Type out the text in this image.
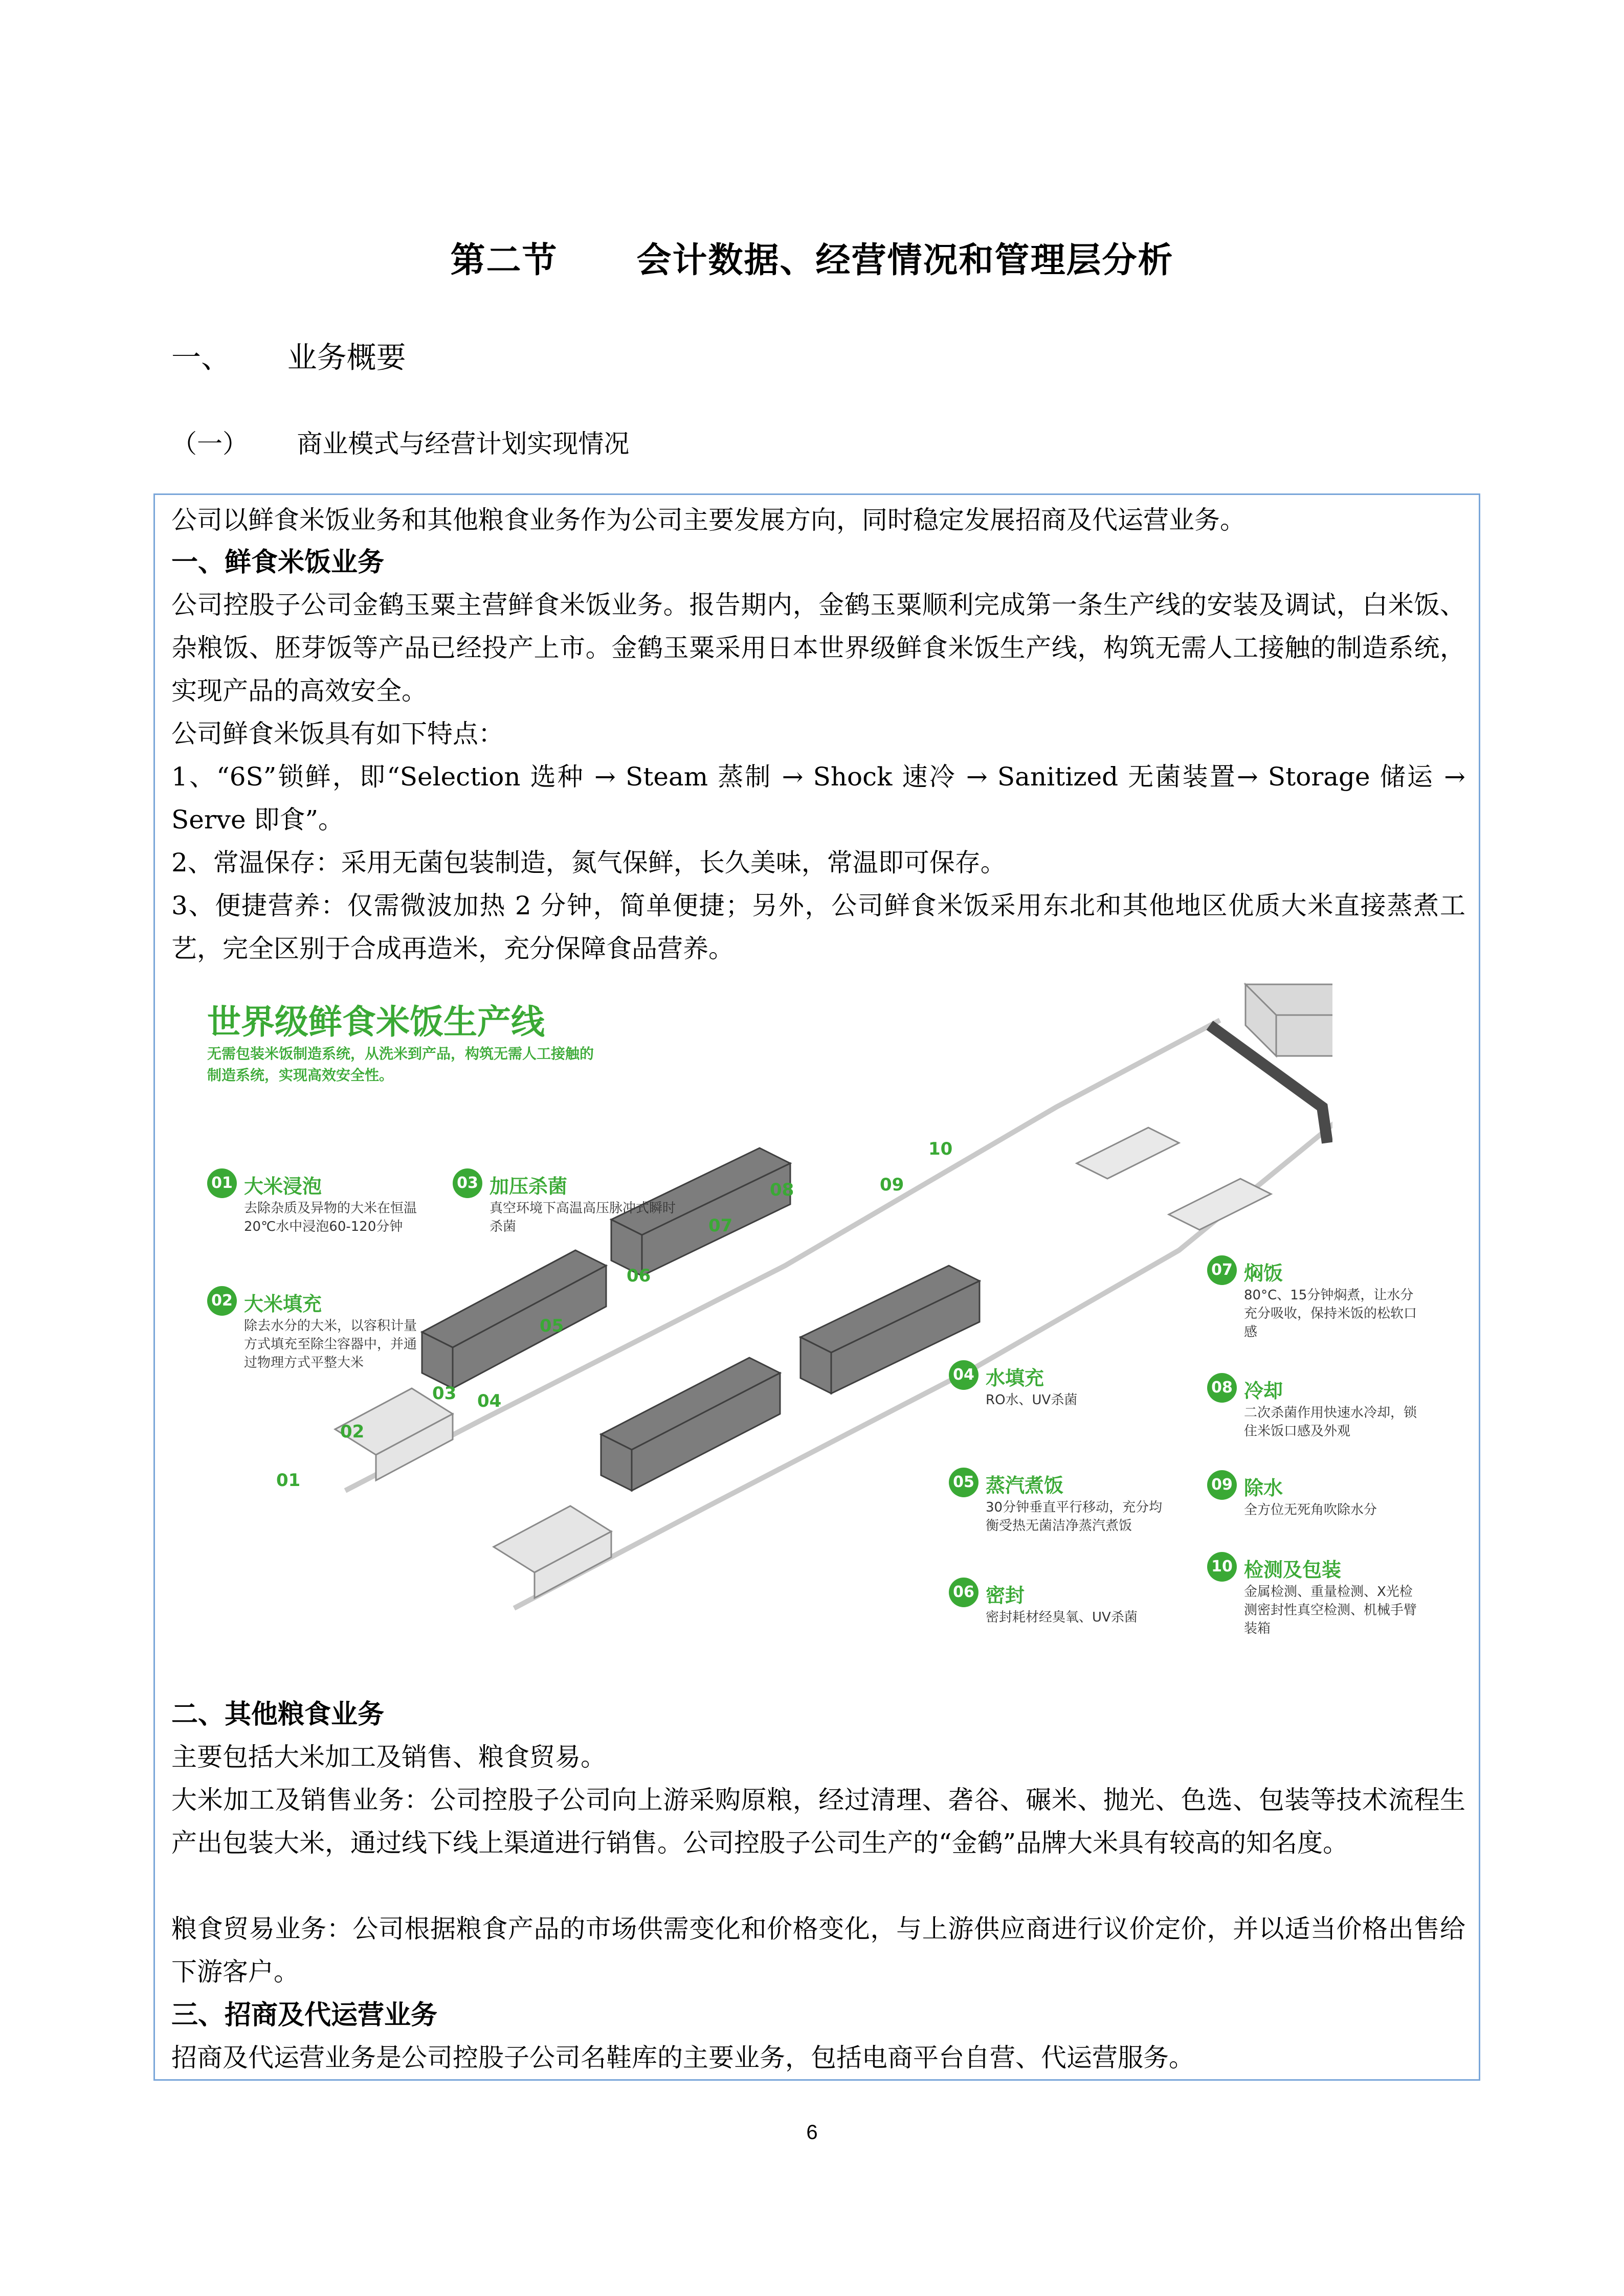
第二节      会计数据、经营情况和管理层分析
一、      业务概要
（一）      商业模式与经营计划实现情况

公司以鲜食米饭业务和其他粮食业务作为公司主要发展方向，同时稳定发展招商及代运营业务。

一、鲜食米饭业务

公司控股子公司金鹤玉粟主营鲜食米饭业务。报告期内，金鹤玉粟顺利完成第一条生产线的安装及调试，白米饭、杂粮饭、胚芽饭等产品已经投产上市。金鹤玉粟采用日本世界级鲜食米饭生产线，构筑无需人工接触的制造系统，实现产品的高效安全。

公司鲜食米饭具有如下特点：

1、“6S”锁鲜，即“Selection 选种 → Steam 蒸制 → Shock 速冷 → Sanitized 无菌装置→ Storage 储运 → Serve 即食”。

2、常温保存：采用无菌包装制造，氮气保鲜，长久美味，常温即可保存。

3、便捷营养：仅需微波加热 2 分钟，简单便捷；另外，公司鲜食米饭采用东北和其他地区优质大米直接蒸煮工艺，完全区别于合成再造米，充分保障食品营养。

世界级鲜食米饭生产线
无需包装米饭制造系统，从洗米到产品，构筑无需人工接触的制造系统，实现高效安全性。
01
02
03 04
05
06
07
08	09
10
01 大米浸泡
去除杂质及异物的大米在恒温20℃水中浸泡60-120分钟
02 大米填充
除去水分的大米，以容积计量方式填充至除尘容器中，并通过物理方式平整大米
03 加压杀菌
真空环境下高温高压脉冲式瞬时杀菌
04 水填充
RO水、UV杀菌
05 蒸汽煮饭
30分钟垂直平行移动，充分均衡受热无菌洁净蒸汽煮饭
06 密封
密封耗材经臭氧、UV杀菌
07 焖饭
80°C、15分钟焖煮，让水分充分吸收，保持米饭的松软口感
08 冷却
二次杀菌作用快速水冷却，锁住米饭口感及外观
09 除水
全方位无死角吹除水分
10 检测及包装
金属检测、重量检测、X光检测密封性真空检测、机械手臂装箱
二、其他粮食业务

主要包括大米加工及销售、粮食贸易。

大米加工及销售业务：公司控股子公司向上游采购原粮，经过清理、砻谷、碾米、抛光、色选、包装等技术流程生产出包装大米，通过线下线上渠道进行销售。公司控股子公司生产的“金鹤”品牌大米具有较高的知名度。

粮食贸易业务：公司根据粮食产品的市场供需变化和价格变化，与上游供应商进行议价定价，并以适当价格出售给下游客户。

三、招商及代运营业务

招商及代运营业务是公司控股子公司名鞋库的主要业务，包括电商平台自营、代运营服务。

6
